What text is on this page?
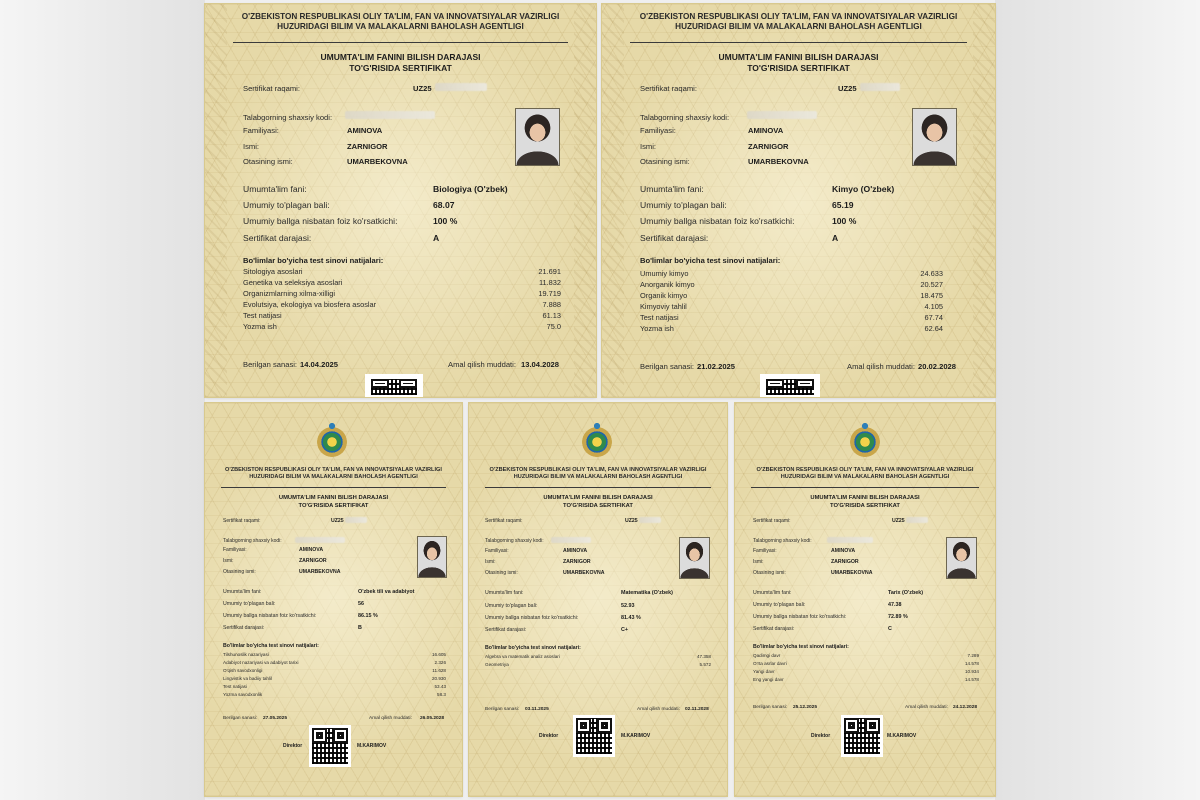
O'ZBEKISTON RESPUBLIKASI OLIY TA'LIM, FAN VA INNOVATSIYALAR VAZIRLIGI
HUZURIDAGI BILIM VA MALAKALARNI BAHOLASH AGENTLIGI
UMUMTA'LIM FANINI BILISH DARAJASI
TO'G'RISIDA SERTIFIKAT
Sertifikat raqami:	UZ25
Talabgorning shaxsiy kodi:
Familiyasi:	AMINOVA
Ismi:	ZARNIGOR
Otasining ismi:	UMARBEKOVNA
Umumta'lim fani:	Biologiya (O'zbek)
Umumiy to'plagan bali:	68.07
Umumiy ballga nisbatan foiz ko'rsatkichi:	100 %
Sertifikat darajasi:	A
Bo'limlar bo'yicha test sinovi natijalari:
Sitologiya asoslari	21.691
Genetika va seleksiya asoslari	11.832
Organizmlarning xilma-xilligi	19.719
Evolutsiya, ekologiya va biosfera asoslar	7.888
Test natijasi	61.13
Yozma ish	75.0
Berilgan sanasi: 14.04.2025	Amal qilish muddati: 13.04.2028
O'ZBEKISTON RESPUBLIKASI OLIY TA'LIM, FAN VA INNOVATSIYALAR VAZIRLIGI
HUZURIDAGI BILIM VA MALAKALARNI BAHOLASH AGENTLIGI
UMUMTA'LIM FANINI BILISH DARAJASI
TO'G'RISIDA SERTIFIKAT
Sertifikat raqami:	UZ25
Talabgorning shaxsiy kodi:
Familiyasi:	AMINOVA
Ismi:	ZARNIGOR
Otasining ismi:	UMARBEKOVNA
Umumta'lim fani:	Kimyo (O'zbek)
Umumiy to'plagan bali:	65.19
Umumiy ballga nisbatan foiz ko'rsatkichi:	100 %
Sertifikat darajasi:	A
Bo'limlar bo'yicha test sinovi natijalari:
Umumiy kimyo	24.633
Anorganik kimyo	20.527
Organik kimyo	18.475
Kimyoviy tahlil	4.105
Test natijasi	67.74
Yozma ish	62.64
Berilgan sanasi: 21.02.2025	Amal qilish muddati: 20.02.2028
O'ZBEKISTON RESPUBLIKASI OLIY TA'LIM, FAN VA INNOVATSIYALAR VAZIRLIGI
HUZURIDAGI BILIM VA MALAKALARNI BAHOLASH AGENTLIGI
UMUMTA'LIM FANINI BILISH DARAJASI
TO'G'RISIDA SERTIFIKAT
Sertifikat raqami:	UZ25
Talabgorning shaxsiy kodi:
Familiyasi:	AMINOVA
Ismi:	ZARNIGOR
Otasining ismi:	UMARBEKOVNA
Umumta'lim fani:	O'zbek tili va adabiyot
Umumiy to'plagan bali:	56
Umumiy ballga nisbatan foiz ko'rsatkichi:	86.15 %
Sertifikat darajasi:	B
Bo'limlar bo'yicha test sinovi natijalari:
Tilshunoslik nazariyasi	16.605
Adabiyot nazariyasi va adabiyot tarixi	2.326
O'qish savodxonligi	11.628
Lingvistik va badiiy tahlil	20.930
Test natijasi	53.43
Yozma savodxonlik	58.3
Berilgan sanasi: 27.05.2025	Amal qilish muddati: 26.05.2028
Direktor	M.KARIMOV
O'ZBEKISTON RESPUBLIKASI OLIY TA'LIM, FAN VA INNOVATSIYALAR VAZIRLIGI
HUZURIDAGI BILIM VA MALAKALARNI BAHOLASH AGENTLIGI
UMUMTA'LIM FANINI BILISH DARAJASI
TO'G'RISIDA SERTIFIKAT
Sertifikat raqami:	UZ25
Talabgorning shaxsiy kodi:
Familiyasi:	AMINOVA
Ismi:	ZARNIGOR
Otasining ismi:	UMARBEKOVNA
Umumta'lim fani:	Matematika (O'zbek)
Umumiy to'plagan bali:	52.93
Umumiy ballga nisbatan foiz ko'rsatkichi:	81.43 %
Sertifikat darajasi:	C+
Bo'limlar bo'yicha test sinovi natijalari:
Algebra va matematik analiz asoslari	47.358
Geometriya	5.572
Berilgan sanasi: 03.11.2025	Amal qilish muddati: 02.11.2028
Direktor	M.KARIMOV
O'ZBEKISTON RESPUBLIKASI OLIY TA'LIM, FAN VA INNOVATSIYALAR VAZIRLIGI
HUZURIDAGI BILIM VA MALAKALARNI BAHOLASH AGENTLIGI
UMUMTA'LIM FANINI BILISH DARAJASI
TO'G'RISIDA SERTIFIKAT
Sertifikat raqami:	UZ25
Talabgorning shaxsiy kodi:
Familiyasi:	AMINOVA
Ismi:	ZARNIGOR
Otasining ismi:	UMARBEKOVNA
Umumta'lim fani:	Tarix (O'zbek)
Umumiy to'plagan bali:	47.38
Umumiy ballga nisbatan foiz ko'rsatkichi:	72.89 %
Sertifikat darajasi:	C
Bo'limlar bo'yicha test sinovi natijalari:
Qadimgi davr	7.289
O'rta asrlar davri	14.578
Yangi davr	10.934
Eng yangi davr	14.578
Berilgan sanasi: 25.12.2025	Amal qilish muddati: 24.12.2028
Direktor	M.KARIMOV
